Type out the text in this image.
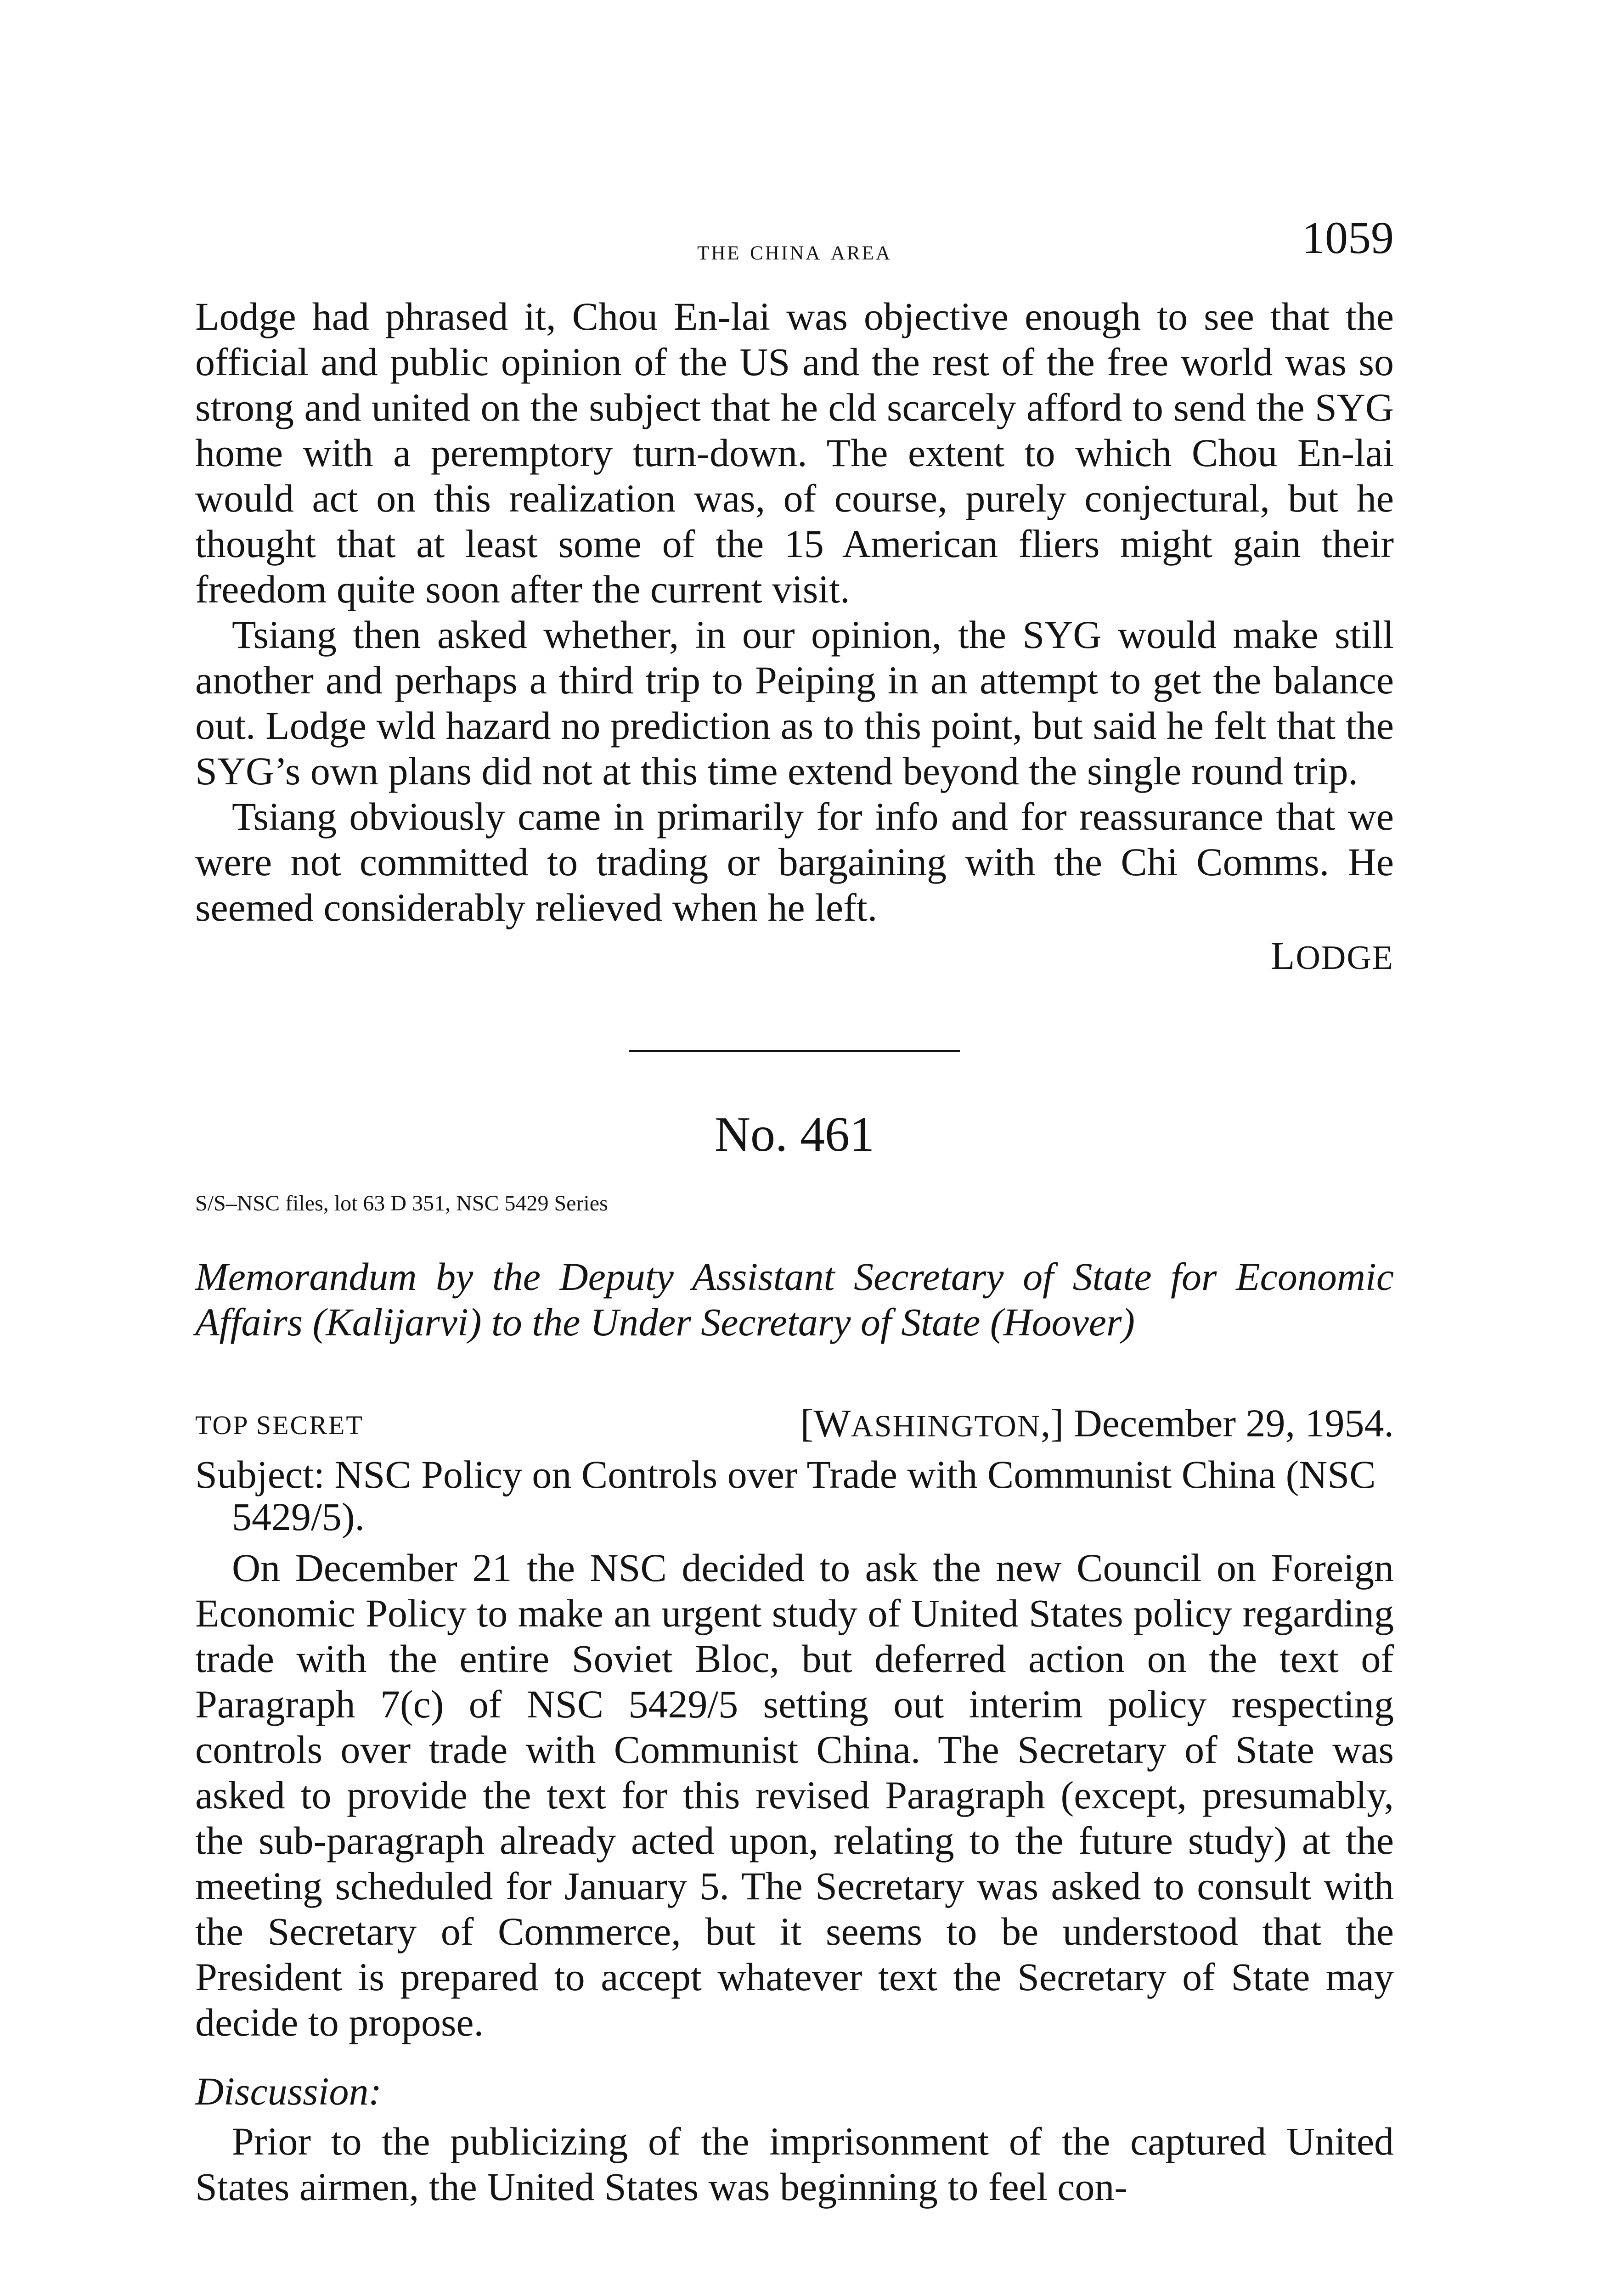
the china area	1059

Lodge had phrased it, Chou En-lai was objective enough to see that the official and public opinion of the US and the rest of the free world was so strong and united on the subject that he cld scarcely afford to send the SYG home with a peremptory turn-down. The extent to which Chou En-lai would act on this realization was, of course, purely conjectural, but he thought that at least some of the 15 American fliers might gain their freedom quite soon after the current visit.

Tsiang then asked whether, in our opinion, the SYG would make still another and perhaps a third trip to Peiping in an attempt to get the balance out. Lodge wld hazard no prediction as to this point, but said he felt that the SYG’s own plans did not at this time extend beyond the single round trip.

Tsiang obviously came in primarily for info and for reassurance that we were not committed to trading or bargaining with the Chi Comms. He seemed considerably relieved when he left.

LODGE
No. 461
S/S–NSC files, lot 63 D 351, NSC 5429 Series
Memorandum by the Deputy Assistant Secretary of State for Economic Affairs (Kalijarvi) to the Under Secretary of State (Hoover)
TOP SECRET	[WASHINGTON,] December 29, 1954.

Subject: NSC Policy on Controls over Trade with Communist China (NSC 5429/5).

On December 21 the NSC decided to ask the new Council on Foreign Economic Policy to make an urgent study of United States policy regarding trade with the entire Soviet Bloc, but deferred action on the text of Paragraph 7(c) of NSC 5429/5 setting out interim policy respecting controls over trade with Communist China. The Secretary of State was asked to provide the text for this revised Paragraph (except, presumably, the sub-paragraph already acted upon, relating to the future study) at the meeting scheduled for January 5. The Secretary was asked to consult with the Secretary of Commerce, but it seems to be understood that the President is prepared to accept whatever text the Secretary of State may decide to propose.

Discussion:

Prior to the publicizing of the imprisonment of the captured United States airmen, the United States was beginning to feel con-
